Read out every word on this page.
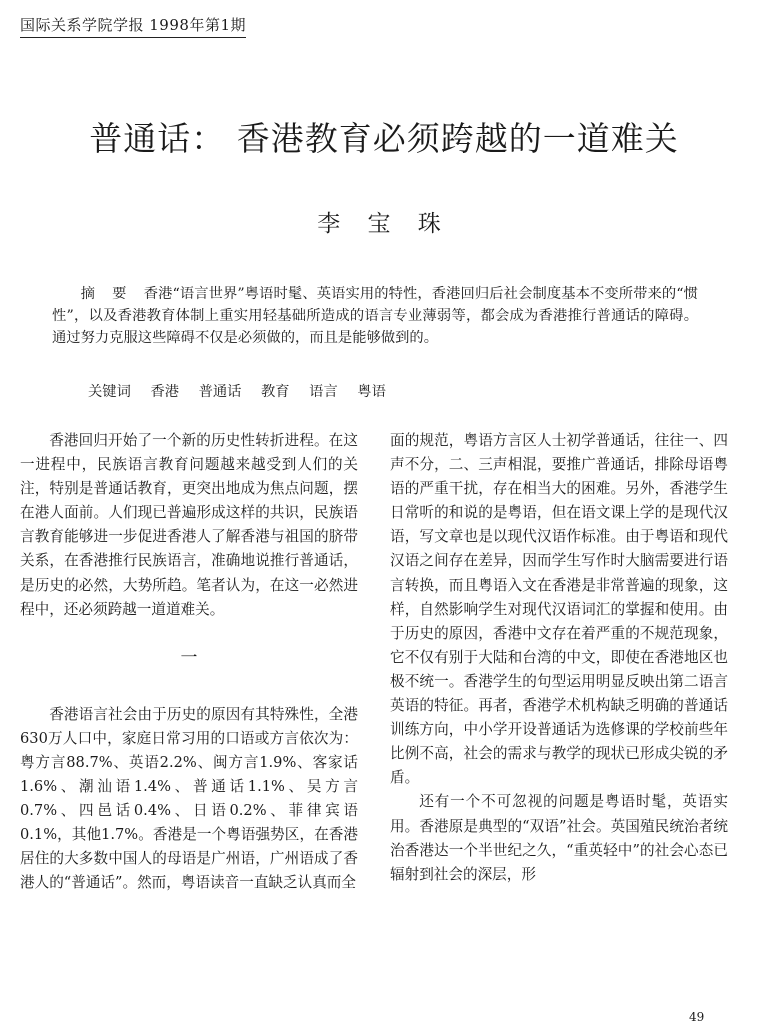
国际关系学院学报 1998年第1期
普通话： 香港教育必须跨越的一道难关
李 宝 珠

摘要香港“语言世界”粤语时髦、英语实用的特性，香港回归后社会制度基本不变所带来的“惯性”，以及香港教育体制上重实用轻基础所造成的语言专业薄弱等，都会成为香港推行普通话的障碍。通过努力克服这些障碍不仅是必须做的，而且是能够做到的。

关键词 香港 普通话 教育 语言 粤语

香港回归开始了一个新的历史性转折进程。在这一进程中，民族语言教育问题越来越受到人们的关注，特别是普通话教育，更突出地成为焦点问题，摆在港人面前。人们现已普遍形成这样的共识，民族语言教育能够进一步促进香港人了解香港与祖国的脐带关系，在香港推行民族语言，准确地说推行普通话，是历史的必然，大势所趋。笔者认为，在这一必然进程中，还必须跨越一道道难关。

一

香港语言社会由于历史的原因有其特殊性，全港630万人口中，家庭日常习用的口语或方言依次为：粤方言88.7%、英语2.2%、闽方言1.9%、客家话1.6%、潮汕语1.4%、普通话1.1%、吴方言0.7%、四邑话0.4%、日语0.2%、菲律宾语0.1%，其他1.7%。香港是一个粤语强势区，在香港居住的大多数中国人的母语是广州语，广州语成了香港人的“普通话”。然而，粤语读音一直缺乏认真而全

面的规范，粤语方言区人士初学普通话，往往一、四声不分，二、三声相混，要推广普通话，排除母语粤语的严重干扰，存在相当大的困难。另外，香港学生日常听的和说的是粤语，但在语文课上学的是现代汉语，写文章也是以现代汉语作标准。由于粤语和现代汉语之间存在差异，因而学生写作时大脑需要进行语言转换，而且粤语入文在香港是非常普遍的现象，这样，自然影响学生对现代汉语词汇的掌握和使用。由于历史的原因，香港中文存在着严重的不规范现象，它不仅有别于大陆和台湾的中文，即使在香港地区也极不统一。香港学生的句型运用明显反映出第二语言英语的特征。再者，香港学术机构缺乏明确的普通话训练方向，中小学开设普通话为选修课的学校前些年比例不高，社会的需求与教学的现状已形成尖锐的矛盾。

还有一个不可忽视的问题是粤语时髦，英语实用。香港原是典型的“双语”社会。英国殖民统治者统治香港达一个半世纪之久，“重英轻中”的社会心态已辐射到社会的深层，形

49
